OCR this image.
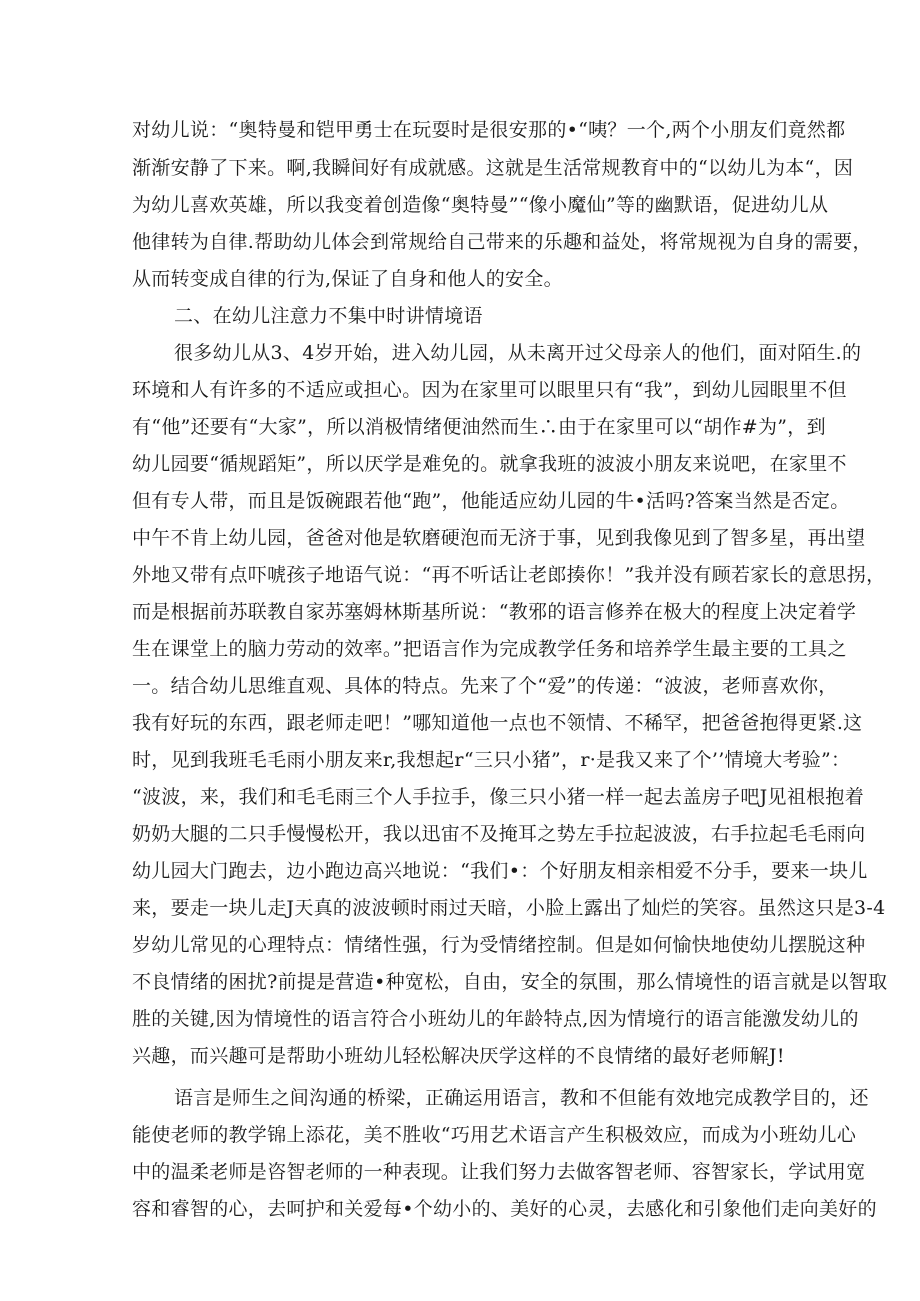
对幼儿说：“奥特曼和铠甲勇士在玩耍时是很安那的•“咦？一个,两个小朋友们竟然都
渐渐安静了下来。啊,我瞬间好有成就感。这就是生活常规教育中的“以幼儿为本“，因
为幼儿喜欢英雄，所以我变着创造像“奥特曼”“像小魔仙”等的幽默语，促进幼儿从
他律转为自律.帮助幼儿体会到常规给自己带来的乐趣和益处，将常规视为自身的需要，
从而转变成自律的行为,保证了自身和他人的安全。
二、在幼儿注意力不集中时讲情境语
很多幼儿从3、4岁开始，进入幼儿园，从未离开过父母亲人的他们，面对陌生.的
环境和人有许多的不适应或担心。因为在家里可以眼里只有“我”，到幼儿园眼里不但
有“他”还要有“大家”，所以消极情绪便油然而生∴由于在家里可以“胡作#为”，到
幼儿园要“循规蹈矩”，所以厌学是难免的。就拿我班的波波小朋友来说吧，在家里不
但有专人带，而且是饭碗跟若他“跑”，他能适应幼儿园的牛•活吗?答案当然是否定。
中午不肯上幼儿园，爸爸对他是软磨硬泡而无济于事，见到我像见到了智多星，再出望
外地又带有点吓唬孩子地语气说：“再不听话让老郎揍你！”我并没有顾若家长的意思拐，
而是根据前苏联教自家苏塞姆林斯基所说：“教邪的语言修养在极大的程度上决定着学
生在课堂上的脑力劳动的效率。”把语言作为完成教学任务和培养学生最主要的工具之
一。结合幼儿思维直观、具体的特点。先来了个“爱”的传递：“波波，老师喜欢你，
我有好玩的东西，跟老师走吧！”哪知道他一点也不领情、不稀罕，把爸爸抱得更紧.这
时，见到我班毛毛雨小朋友来r,我想起r“三只小猪”，r·是我又来了个’’情境大考验”：
“波波，来，我们和毛毛雨三个人手拉手，像三只小猪一样一起去盖房子吧J见祖根抱着
奶奶大腿的二只手慢慢松开，我以迅宙不及掩耳之势左手拉起波波，右手拉起毛毛雨向
幼儿园大门跑去，边小跑边高兴地说：“我们•：个好朋友相亲相爱不分手，要来一块儿
来，要走一块儿走J天真的波波顿时雨过天暗，小脸上露出了灿烂的笑容。虽然这只是3-4
岁幼儿常见的心理特点：情绪性强，行为受情绪控制。但是如何愉快地使幼儿摆脱这种
不良情绪的困扰?前提是营造•种宽松，自由，安全的氛围，那么情境性的语言就是以智取
胜的关键,因为情境性的语言符合小班幼儿的年龄特点,因为情境行的语言能激发幼儿的
兴趣，而兴趣可是帮助小班幼儿轻松解决厌学这样的不良情绪的最好老师解J!
语言是师生之间沟通的桥梁，正确运用语言，教和不但能有效地完成教学目的，还
能使老师的教学锦上添花，美不胜收“巧用艺术语言产生积极效应，而成为小班幼儿心
中的温柔老师是咨智老师的一种表现。让我们努力去做客智老师、容智家长，学试用宽
容和睿智的心，去呵护和关爱每•个幼小的、美好的心灵，去感化和引象他们走向美好的
